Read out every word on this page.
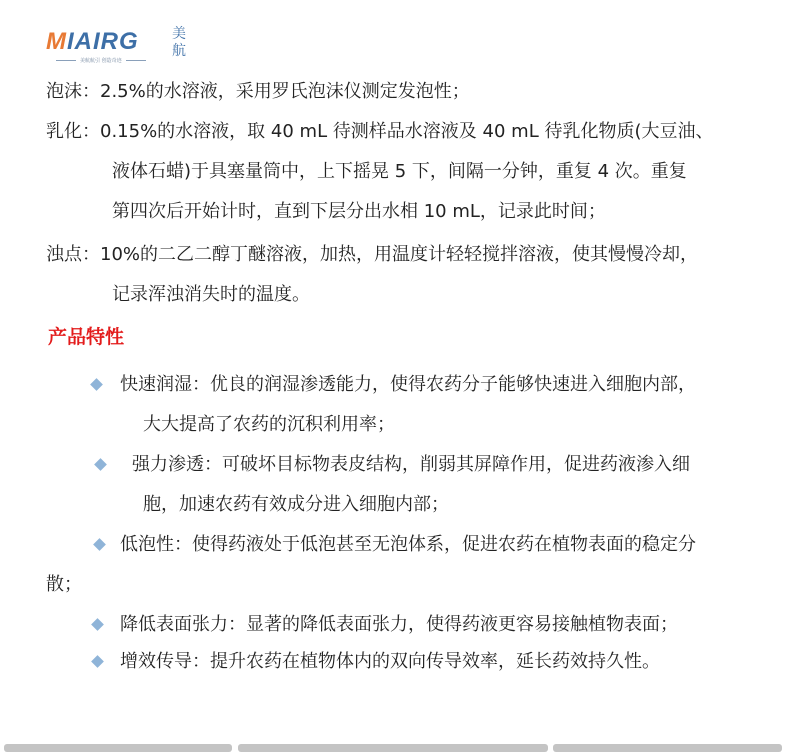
MIAIRG 美航
美航航引 创造奇迹
泡沫：2.5%的水溶液，采用罗氏泡沫仪测定发泡性；
乳化：0.15%的水溶液，取 40 mL 待测样品水溶液及 40 mL 待乳化物质(大豆油、
液体石蜡)于具塞量筒中，上下摇晃 5 下，间隔一分钟，重复 4 次。重复
第四次后开始计时，直到下层分出水相 10 mL，记录此时间；
浊点：10%的二乙二醇丁醚溶液，加热，用温度计轻轻搅拌溶液，使其慢慢冷却，
记录浑浊消失时的温度。
产品特性
快速润湿：优良的润湿渗透能力，使得农药分子能够快速进入细胞内部，
大大提高了农药的沉积利用率；
强力渗透：可破坏目标物表皮结构，削弱其屏障作用，促进药液渗入细
胞，加速农药有效成分进入细胞内部；
低泡性：使得药液处于低泡甚至无泡体系，促进农药在植物表面的稳定分
散；
降低表面张力：显著的降低表面张力，使得药液更容易接触植物表面；
增效传导：提升农药在植物体内的双向传导效率，延长药效持久性。
